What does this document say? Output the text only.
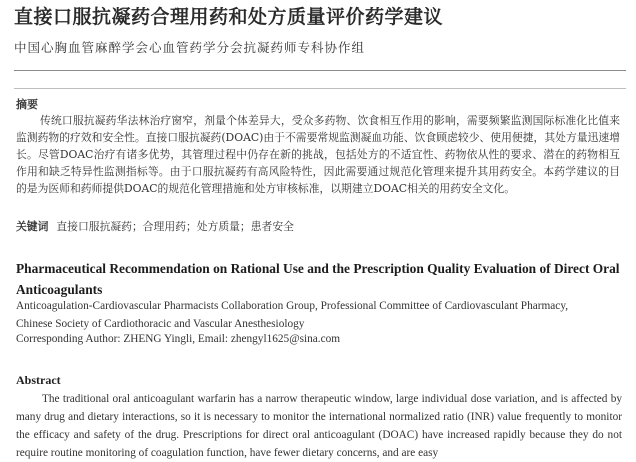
直接口服抗凝药合理用药和处方质量评价药学建议
中国心胸血管麻醉学会心血管药学分会抗凝药师专科协作组
摘要
传统口服抗凝药华法林治疗窗窄，剂量个体差异大，受众多药物、饮食相互作用的影响，需要频繁监测国际标准化比值来监测药物的疗效和安全性。直接口服抗凝药(DOAC)由于不需要常规监测凝血功能、饮食顾虑较少、使用便捷，其处方量迅速增长。尽管DOAC治疗有诸多优势，其管理过程中仍存在新的挑战，包括处方的不适宜性、药物依从性的要求、潜在的药物相互作用和缺乏特异性监测指标等。由于口服抗凝药有高风险特性，因此需要通过规范化管理来提升其用药安全。本药学建议的目的是为医师和药师提供DOAC的规范化管理措施和处方审核标准，以期建立DOAC相关的用药安全文化。
关键词 直接口服抗凝药；合理用药；处方质量；患者安全
Pharmaceutical Recommendation on Rational Use and the Prescription Quality Evaluation of Direct Oral Anticoagulants
Anticoagulation-Cardiovascular Pharmacists Collaboration Group, Professional Committee of Cardiovasculant Pharmacy,
Chinese Society of Cardiothoracic and Vascular Anesthesiology
Corresponding Author: ZHENG Yingli, Email: zhengyl1625@sina.com
Abstract
The traditional oral anticoagulant warfarin has a narrow therapeutic window, large individual dose variation, and is affected by many drug and dietary interactions, so it is necessary to monitor the international normalized ratio (INR) value frequently to monitor the efficacy and safety of the drug. Prescriptions for direct oral anticoagulant (DOAC) have increased rapidly because they do not require routine monitoring of coagulation function, have fewer dietary concerns, and are easy
